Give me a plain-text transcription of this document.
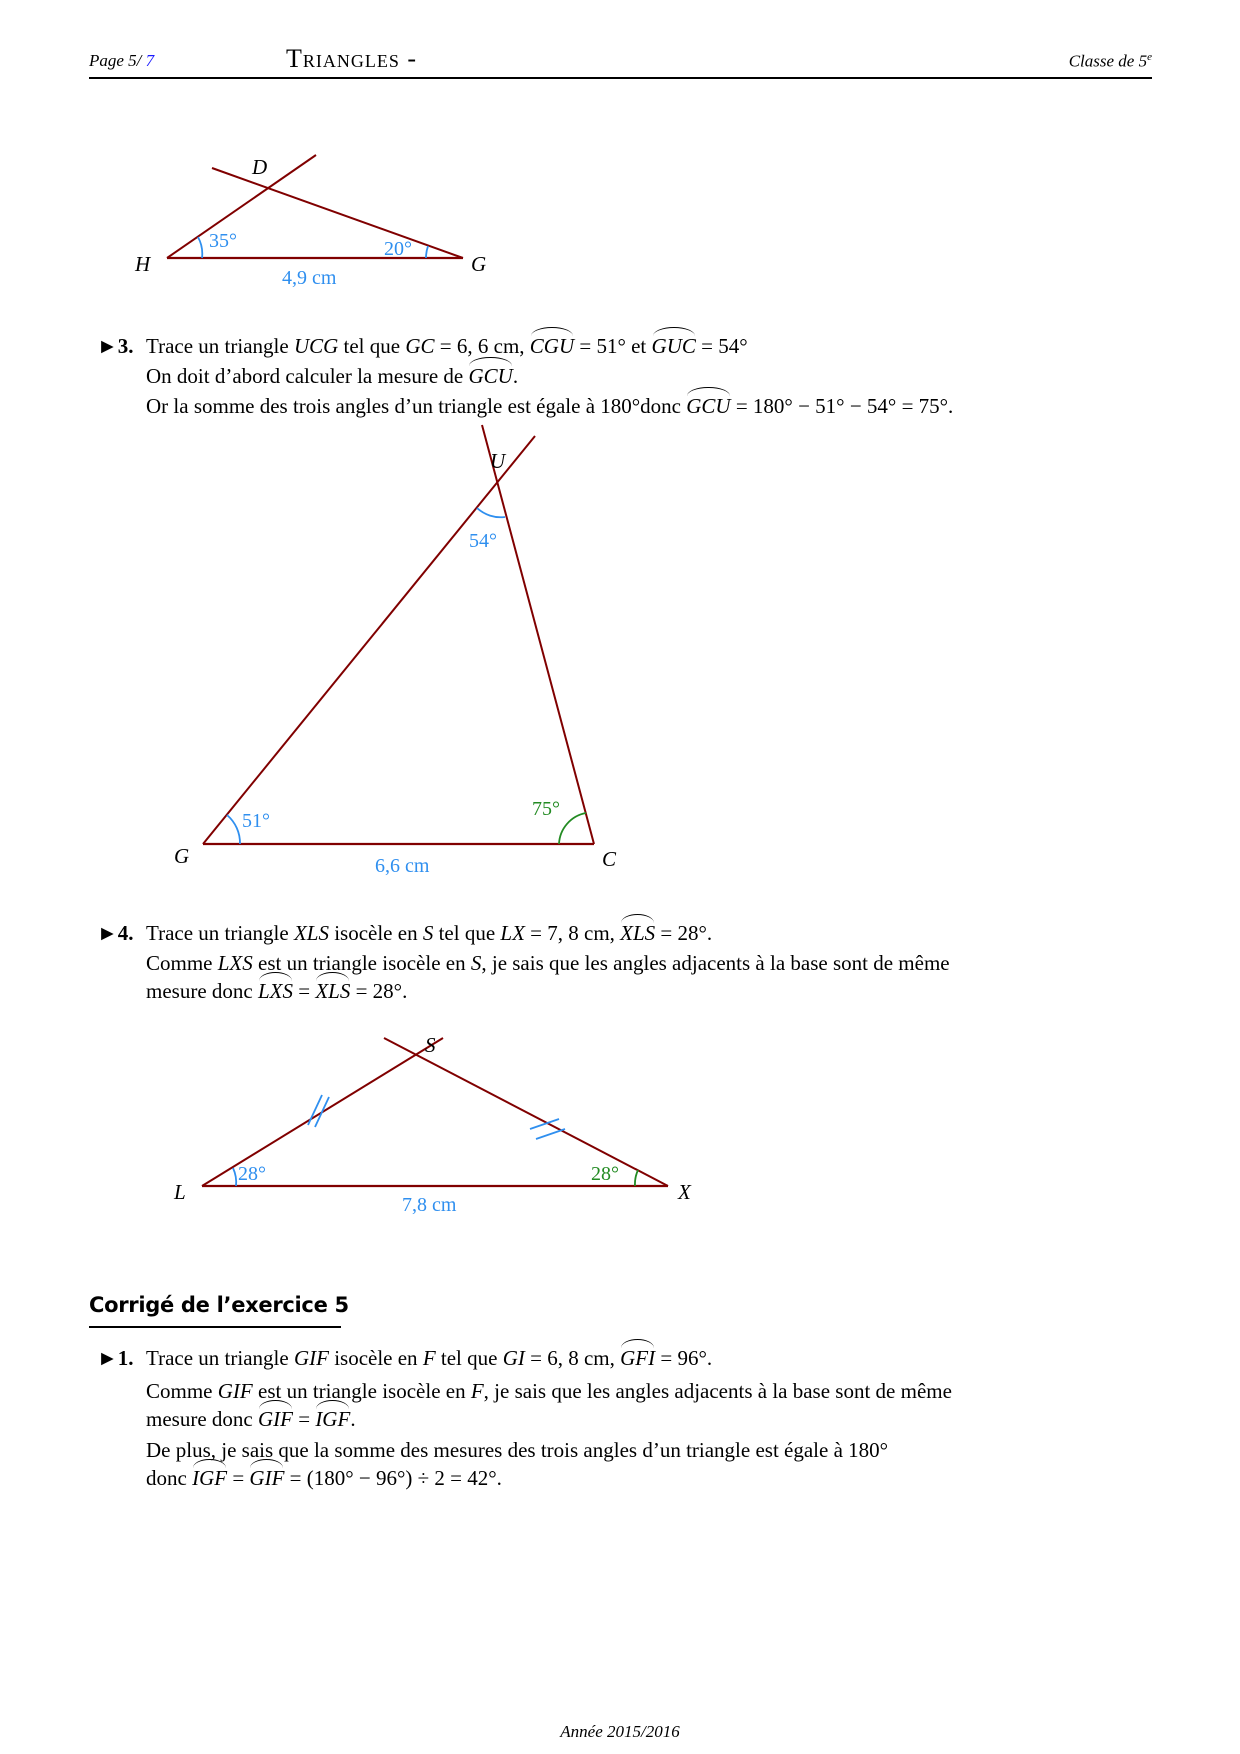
Page 5/ 7	Triangles -	Classe de 5e
D
H	G
35°	20°
4,9 cm
U
G	C
54°
51°
75°
6,6 cm
S
L	X
28°	28°
7,8 cm
►3. Trace un triangle UCG tel que GC = 6, 6 cm, CGU = 51° et GUC = 54°
On doit d’abord calculer la mesure de GCU.
Or la somme des trois angles d’un triangle est égale à 180°donc GCU = 180° − 51° − 54° = 75°.
►4. Trace un triangle XLS isocèle en S tel que LX = 7, 8 cm, XLS = 28°.
Comme LXS est un triangle isocèle en S, je sais que les angles adjacents à la base sont de même
mesure donc LXS = XLS = 28°.
Corrigé de l’exercice 5
►1. Trace un triangle GIF isocèle en F tel que GI = 6, 8 cm, GFI = 96°.
Comme GIF est un triangle isocèle en F, je sais que les angles adjacents à la base sont de même
mesure donc GIF = IGF.
De plus, je sais que la somme des mesures des trois angles d’un triangle est égale à 180°
donc IGF = GIF = (180° − 96°) ÷ 2 = 42°.
Année 2015/2016
